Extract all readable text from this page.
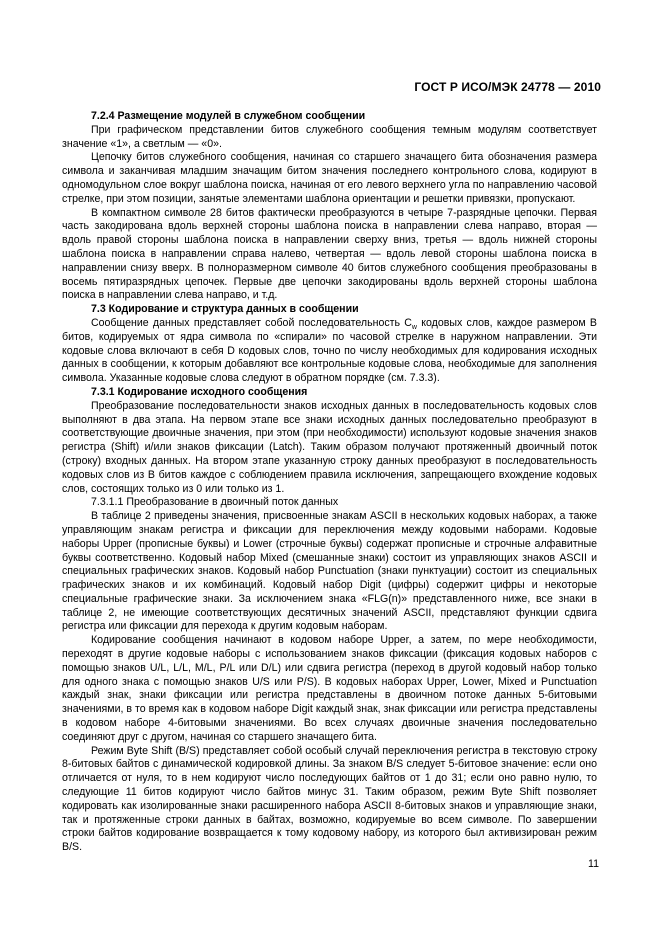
ГОСТ Р ИСО/МЭК 24778 — 2010
7.2.4 Размещение модулей в служебном сообщении

При графическом представлении битов служебного сообщения темным модулям соответствует значение «1», а светлым — «0».

Цепочку битов служебного сообщения, начиная со старшего значащего бита обозначения размера символа и заканчивая младшим значащим битом значения последнего контрольного слова, кодируют в одномодульном слое вокруг шаблона поиска, начиная от его левого верхнего угла по направлению часовой стрелке, при этом позиции, занятые элементами шаблона ориентации и решетки привязки, пропускают.

В компактном символе 28 битов фактически преобразуются в четыре 7-разрядные цепочки. Первая часть закодирована вдоль верхней стороны шаблона поиска в направлении слева направо, вторая — вдоль правой стороны шаблона поиска в направлении сверху вниз, третья — вдоль нижней стороны шаблона поиска в направлении справа налево, четвертая — вдоль левой стороны шаблона поиска в направлении снизу вверх. В полноразмерном символе 40 битов служебного сообщения преобразованы в восемь пятиразрядных цепочек. Первые две цепочки закодированы вдоль верхней стороны шаблона поиска в направлении слева направо, и т.д.

7.3 Кодирование и структура данных в сообщении

Сообщение данных представляет собой последовательность $C_w$ кодовых слов, каждое размером B битов, кодируемых от ядра символа по «спирали» по часовой стрелке в наружном направлении. Эти кодовые слова включают в себя D кодовых слов, точно по числу необходимых для кодирования исходных данных в сообщении, к которым добавляют все контрольные кодовые слова, необходимые для заполнения символа. Указанные кодовые слова следуют в обратном порядке (см. 7.3.3).

7.3.1 Кодирование исходного сообщения

Преобразование последовательности знаков исходных данных в последовательность кодовых слов выполняют в два этапа. На первом этапе все знаки исходных данных последовательно преобразуют в соответствующие двоичные значения, при этом (при необходимости) используют кодовые значения знаков регистра (Shift) и/или знаков фиксации (Latch). Таким образом получают протяженный двоичный поток (строку) входных данных. На втором этапе указанную строку данных преобразуют в последовательность кодовых слов из B битов каждое с соблюдением правила исключения, запрещающего вхождение кодовых слов, состоящих только из 0 или только из 1.

7.3.1.1 Преобразование в двоичный поток данных

В таблице 2 приведены значения, присвоенные знакам ASCII в нескольких кодовых наборах, а также управляющим знакам регистра и фиксации для переключения между кодовыми наборами. Кодовые наборы Upper (прописные буквы) и Lower (строчные буквы) содержат прописные и строчные алфавитные буквы соответственно. Кодовый набор Mixed (смешанные знаки) состоит из управляющих знаков ASCII и специальных графических знаков. Кодовый набор Punctuation (знаки пунктуации) состоит из специальных графических знаков и их комбинаций. Кодовый набор Digit (цифры) содержит цифры и некоторые специальные графические знаки. За исключением знака «FLG(n)» представленного ниже, все знаки в таблице 2, не имеющие соответствующих десятичных значений ASCII, представляют функции сдвига регистра или фиксации для перехода к другим кодовым наборам.

Кодирование сообщения начинают в кодовом наборе Upper, а затем, по мере необходимости, переходят в другие кодовые наборы с использованием знаков фиксации (фиксация кодовых наборов с помощью знаков U/L, L/L, M/L, P/L или D/L) или сдвига регистра (переход в другой кодовый набор только для одного знака с помощью знаков U/S или P/S). В кодовых наборах Upper, Lower, Mixed и Punctuation каждый знак, знаки фиксации или регистра представлены в двоичном потоке данных 5-битовыми значениями, в то время как в кодовом наборе Digit каждый знак, знак фиксации или регистра представлены в кодовом наборе 4-битовыми значениями. Во всех случаях двоичные значения последовательно соединяют друг с другом, начиная со старшего значащего бита.

Режим Byte Shift (B/S) представляет собой особый случай переключения регистра в текстовую строку 8-битовых байтов с динамической кодировкой длины. За знаком B/S следует 5-битовое значение: если оно отличается от нуля, то в нем кодируют число последующих байтов от 1 до 31; если оно равно нулю, то следующие 11 битов кодируют число байтов минус 31. Таким образом, режим Byte Shift позволяет кодировать как изолированные знаки расширенного набора ASCII 8-битовых знаков и управляющие знаки, так и протяженные строки данных в байтах, возможно, кодируемые во всем символе. По завершении строки байтов кодирование возвращается к тому кодовому набору, из которого был активизирован режим B/S.

11
